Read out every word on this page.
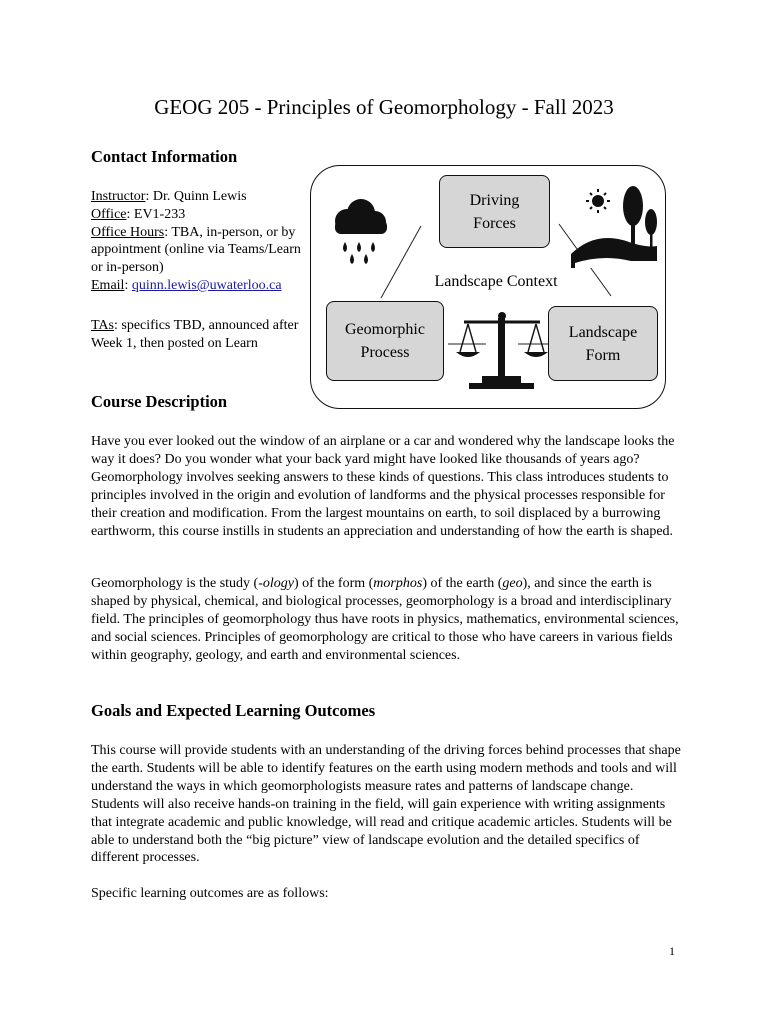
GEOG 205 - Principles of Geomorphology - Fall 2023
Contact Information

Instructor: Dr. Quinn Lewis

Office: EV1-233

Office Hours: TBA, in-person, or by appointment (online via Teams/Learn or in-person)

Email: quinn.lewis@uwaterloo.ca

TAs: specifics TBD, announced after Week 1, then posted on Learn

Driving
Forces
Geomorphic
Process
Landscape
Form
Landscape Context
Course Description

Have you ever looked out the window of an airplane or a car and wondered why the landscape looks the way it does? Do you wonder what your back yard might have looked like thousands of years ago? Geomorphology involves seeking answers to these kinds of questions. This class introduces students to principles involved in the origin and evolution of landforms and the physical processes responsible for their creation and modification. From the largest mountains on earth, to soil displaced by a burrowing earthworm, this course instills in students an appreciation and understanding of how the earth is shaped.

Geomorphology is the study (-ology) of the form (morphos) of the earth (geo), and since the earth is shaped by physical, chemical, and biological processes, geomorphology is a broad and interdisciplinary field. The principles of geomorphology thus have roots in physics, mathematics, environmental sciences, and social sciences. Principles of geomorphology are critical to those who have careers in various fields within geography, geology, and earth and environmental sciences.

Goals and Expected Learning Outcomes

This course will provide students with an understanding of the driving forces behind processes that shape the earth. Students will be able to identify features on the earth using modern methods and tools and will understand the ways in which geomorphologists measure rates and patterns of landscape change. Students will also receive hands-on training in the field, will gain experience with writing assignments that integrate academic and public knowledge, will read and critique academic articles. Students will be able to understand both the “big picture” view of landscape evolution and the detailed specifics of different processes.

Specific learning outcomes are as follows:

1
